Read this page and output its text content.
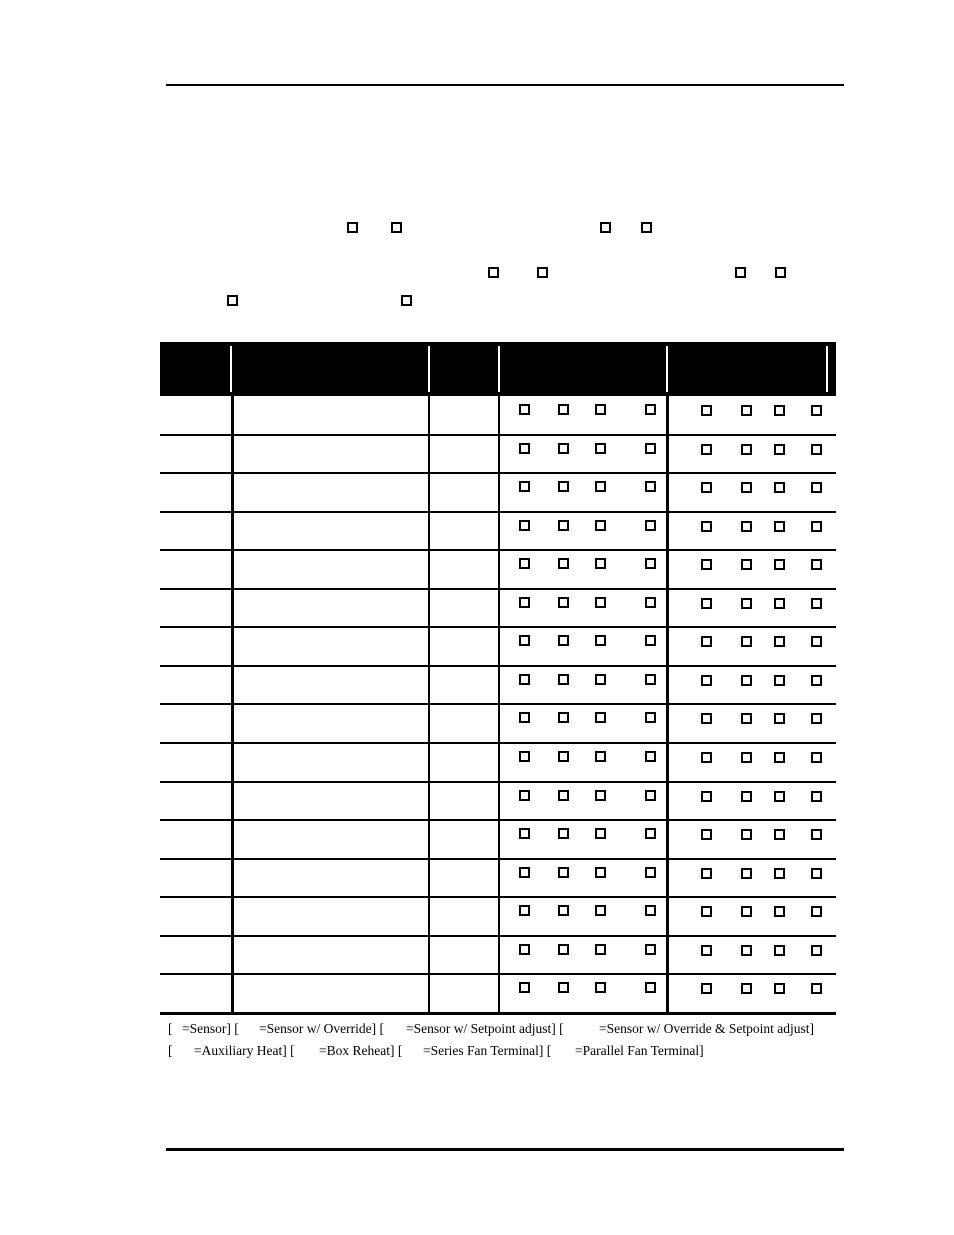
[ =Sensor] [ =Sensor w/ Override] [ =Sensor w/ Setpoint adjust] [	=Sensor w/ Override & Setpoint adjust]
[ =Auxiliary Heat] [ =Box Reheat] [ =Series Fan Terminal] [ =Parallel Fan Terminal]
